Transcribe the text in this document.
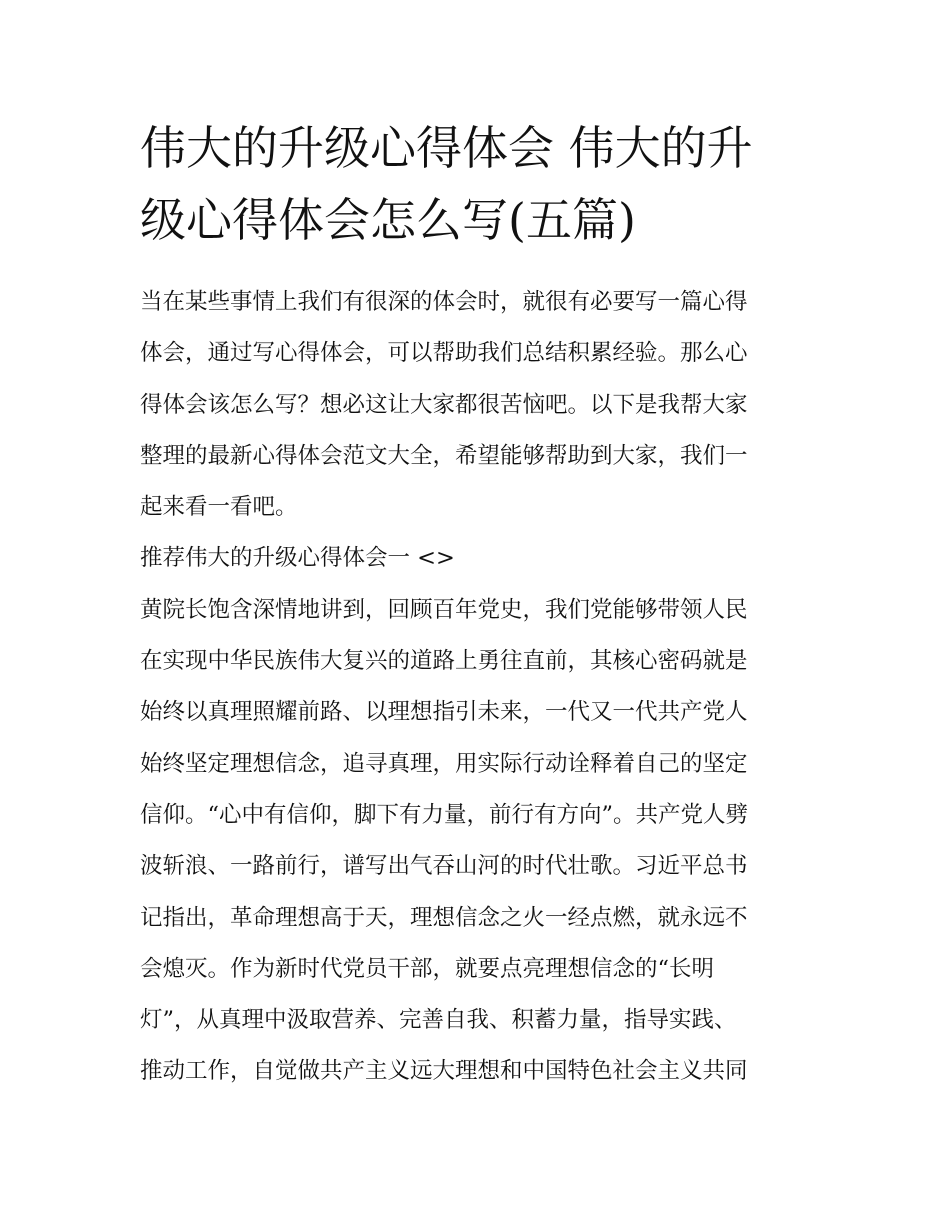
伟大的升级心得体会 伟大的升
级心得体会怎么写(五篇)
当在某些事情上我们有很深的体会时，就很有必要写一篇心得
体会，通过写心得体会，可以帮助我们总结积累经验。那么心
得体会该怎么写？想必这让大家都很苦恼吧。以下是我帮大家
整理的最新心得体会范文大全，希望能够帮助到大家，我们一
起来看一看吧。
推荐伟大的升级心得体会一 <>
黄院长饱含深情地讲到，回顾百年党史，我们党能够带领人民
在实现中华民族伟大复兴的道路上勇往直前，其核心密码就是
始终以真理照耀前路、以理想指引未来，一代又一代共产党人
始终坚定理想信念，追寻真理，用实际行动诠释着自己的坚定
信仰。“心中有信仰，脚下有力量，前行有方向”。共产党人劈
波斩浪、一路前行，谱写出气吞山河的时代壮歌。习近平总书
记指出，革命理想高于天，理想信念之火一经点燃，就永远不
会熄灭。作为新时代党员干部，就要点亮理想信念的“长明
灯”，从真理中汲取营养、完善自我、积蓄力量，指导实践、
推动工作，自觉做共产主义远大理想和中国特色社会主义共同
